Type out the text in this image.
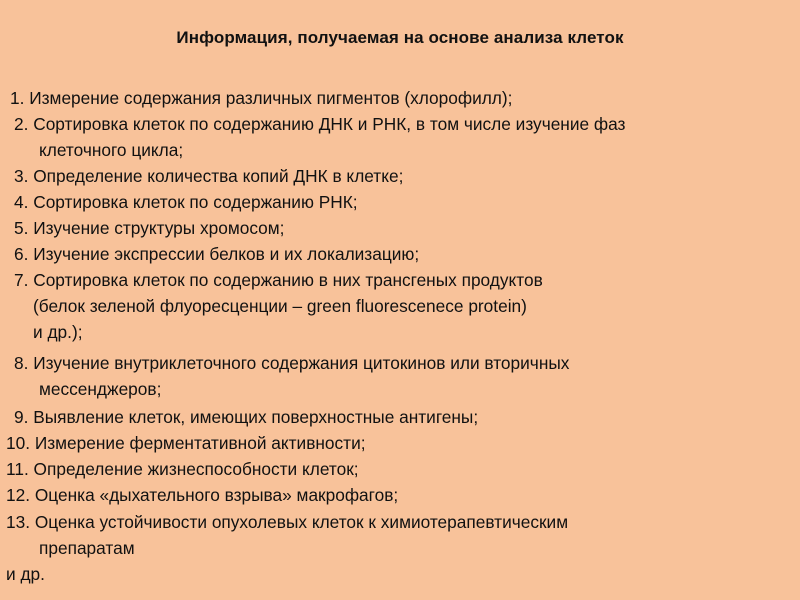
Информация, получаемая на основе анализа клеток
1. Измерение содержания различных пигментов (хлорофилл);
2. Сортировка клеток по содержанию ДНК и РНК, в том числе изучение фаз
клеточного цикла;
3. Определение количества копий ДНК в клетке;
4. Сортировка клеток по содержанию РНК;
5. Изучение структуры хромосом;
6. Изучение экспрессии белков и их локализацию;
7. Сортировка клеток по содержанию в них трансгеных продуктов
(белок зеленой флуоресценции – green fluorescenece protein)
и др.);
8. Изучение внутриклеточного содержания цитокинов или вторичных
мессенджеров;
9. Выявление клеток, имеющих поверхностные антигены;
10. Измерение ферментативной активности;
11. Определение жизнеспособности клеток;
12. Оценка «дыхательного взрыва» макрофагов;
13. Оценка устойчивости опухолевых клеток к химиотерапевтическим
препаратам
и др.
